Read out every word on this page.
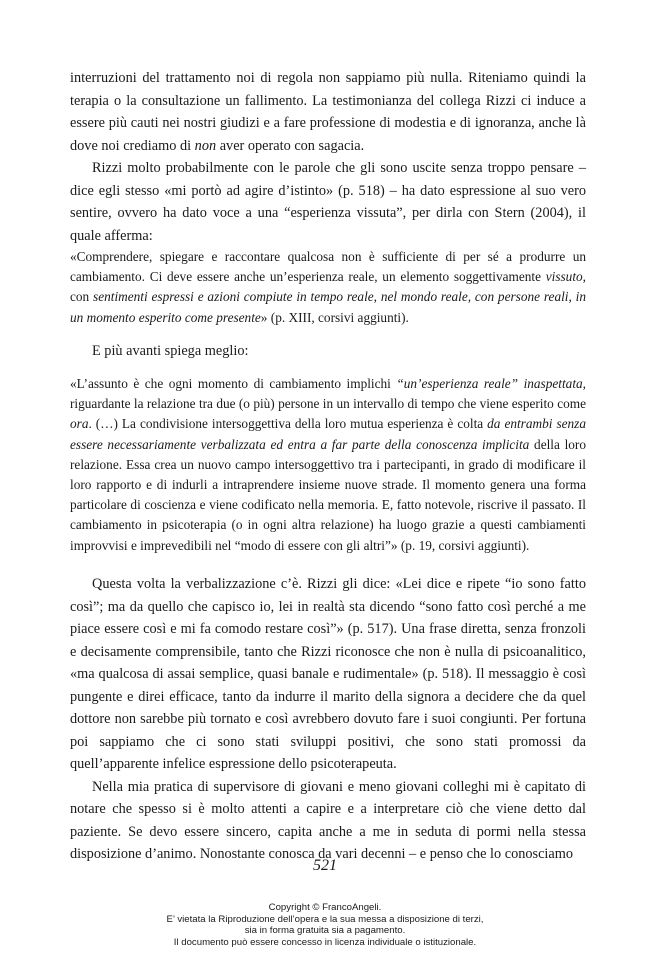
interruzioni del trattamento noi di regola non sappiamo più nulla. Riteniamo quindi la terapia o la consultazione un fallimento. La testimonianza del collega Rizzi ci induce a essere più cauti nei nostri giudizi e a fare professione di modestia e di ignoranza, anche là dove noi crediamo di non aver operato con sagacia.

Rizzi molto probabilmente con le parole che gli sono uscite senza troppo pensare – dice egli stesso «mi portò ad agire d’istinto» (p. 518) – ha dato espressione al suo vero sentire, ovvero ha dato voce a una “esperienza vissuta”, per dirla con Stern (2004), il quale afferma:

«Comprendere, spiegare e raccontare qualcosa non è sufficiente di per sé a produrre un cambiamento. Ci deve essere anche un’esperienza reale, un elemento soggettivamente vissuto, con sentimenti espressi e azioni compiute in tempo reale, nel mondo reale, con persone reali, in un momento esperito come presente» (p. XIII, corsivi aggiunti).

E più avanti spiega meglio:

«L’assunto è che ogni momento di cambiamento implichi “un’esperienza reale” inaspettata, riguardante la relazione tra due (o più) persone in un intervallo di tempo che viene esperito come ora. (…) La condivisione intersoggettiva della loro mutua esperienza è colta da entrambi senza essere necessariamente verbalizzata ed entra a far parte della conoscenza implicita della loro relazione. Essa crea un nuovo campo intersoggettivo tra i partecipanti, in grado di modificare il loro rapporto e di indurli a intraprendere insieme nuove strade. Il momento genera una forma particolare di coscienza e viene codificato nella memoria. E, fatto notevole, riscrive il passato. Il cambiamento in psicoterapia (o in ogni altra relazione) ha luogo grazie a questi cambiamenti improvvisi e imprevedibili nel “modo di essere con gli altri”» (p. 19, corsivi aggiunti).

Questa volta la verbalizzazione c’è. Rizzi gli dice: «Lei dice e ripete “io sono fatto così”; ma da quello che capisco io, lei in realtà sta dicendo “sono fatto così perché a me piace essere così e mi fa comodo restare così”» (p. 517). Una frase diretta, senza fronzoli e decisamente comprensibile, tanto che Rizzi riconosce che non è nulla di psicoanalitico, «ma qualcosa di assai semplice, quasi banale e rudimentale» (p. 518). Il messaggio è così pungente e direi efficace, tanto da indurre il marito della signora a decidere che da quel dottore non sarebbe più tornato e così avrebbero dovuto fare i suoi congiunti. Per fortuna poi sappiamo che ci sono stati sviluppi positivi, che sono stati promossi da quell’apparente infelice espressione dello psicoterapeuta.

Nella mia pratica di supervisore di giovani e meno giovani colleghi mi è capitato di notare che spesso si è molto attenti a capire e a interpretare ciò che viene detto dal paziente. Se devo essere sincero, capita anche a me in seduta di pormi nella stessa disposizione d’animo. Nonostante conosca da vari decenni – e penso che lo conosciamo

521
Copyright © FrancoAngeli.
E’ vietata la Riproduzione dell’opera e la sua messa a disposizione di terzi,
sia in forma gratuita sia a pagamento.
Il documento può essere concesso in licenza individuale o istituzionale.
